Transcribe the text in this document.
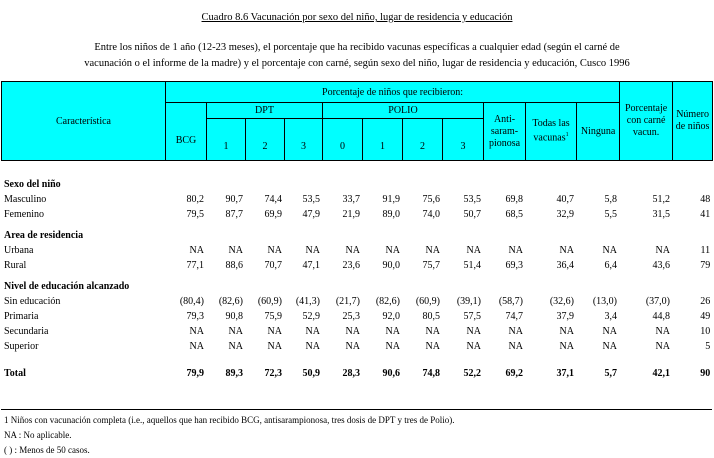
Cuadro 8.6 Vacunación por sexo del niño, lugar de residencia y educación
Entre los niños de 1 año (12-23 meses), el porcentaje que ha recibido vacunas específicas a cualquier edad (según el carné de
vacunación o el informe de la madre) y el porcentaje con carné, según sexo del niño, lugar de residencia y educación, Cusco 1996
Característica	Porcentaje de niños que recibieron:											Porcentaje con carné vacun.	Número de niños

	BCG	DPT			POLIO				Anti-saram-pionosa	Todas las vacunas$^1$	Ninguna		
		1	2	3	0	1	2	3					
Sexo del niño													
Masculino	80,2	90,7	74,4	53,5	33,7	91,9	75,6	53,5	69,8	40,7	5,8	51,2	48
Femenino	79,5	87,7	69,9	47,9	21,9	89,0	74,0	50,7	68,5	32,9	5,5	31,5	41

Area de residencia													
Urbana	NA	NA	NA	NA	NA	NA	NA	NA	NA	NA	NA	NA	11
Rural	77,1	88,6	70,7	47,1	23,6	90,0	75,7	51,4	69,3	36,4	6,4	43,6	79

Nivel de educación alcanzado													
Sin educación	(80,4)	(82,6)	(60,9)	(41,3)	(21,7)	(82,6)	(60,9)	(39,1)	(58,7)	(32,6)	(13,0)	(37,0)	26
Primaria	79,3	90,8	75,9	52,9	25,3	92,0	80,5	57,5	74,7	37,9	3,4	44,8	49
Secundaria	NA	NA	NA	NA	NA	NA	NA	NA	NA	NA	NA	NA	10
Superior	NA	NA	NA	NA	NA	NA	NA	NA	NA	NA	NA	NA	5

Total	79,9	89,3	72,3	50,9	28,3	90,6	74,8	52,2	69,2	37,1	5,7	42,1	90
1 Niños con vacunación completa (i.e., aquellos que han recibido BCG, antisarampionosa, tres dosis de DPT y tres de Polio).
NA : No aplicable.
( ) : Menos de 50 casos.
